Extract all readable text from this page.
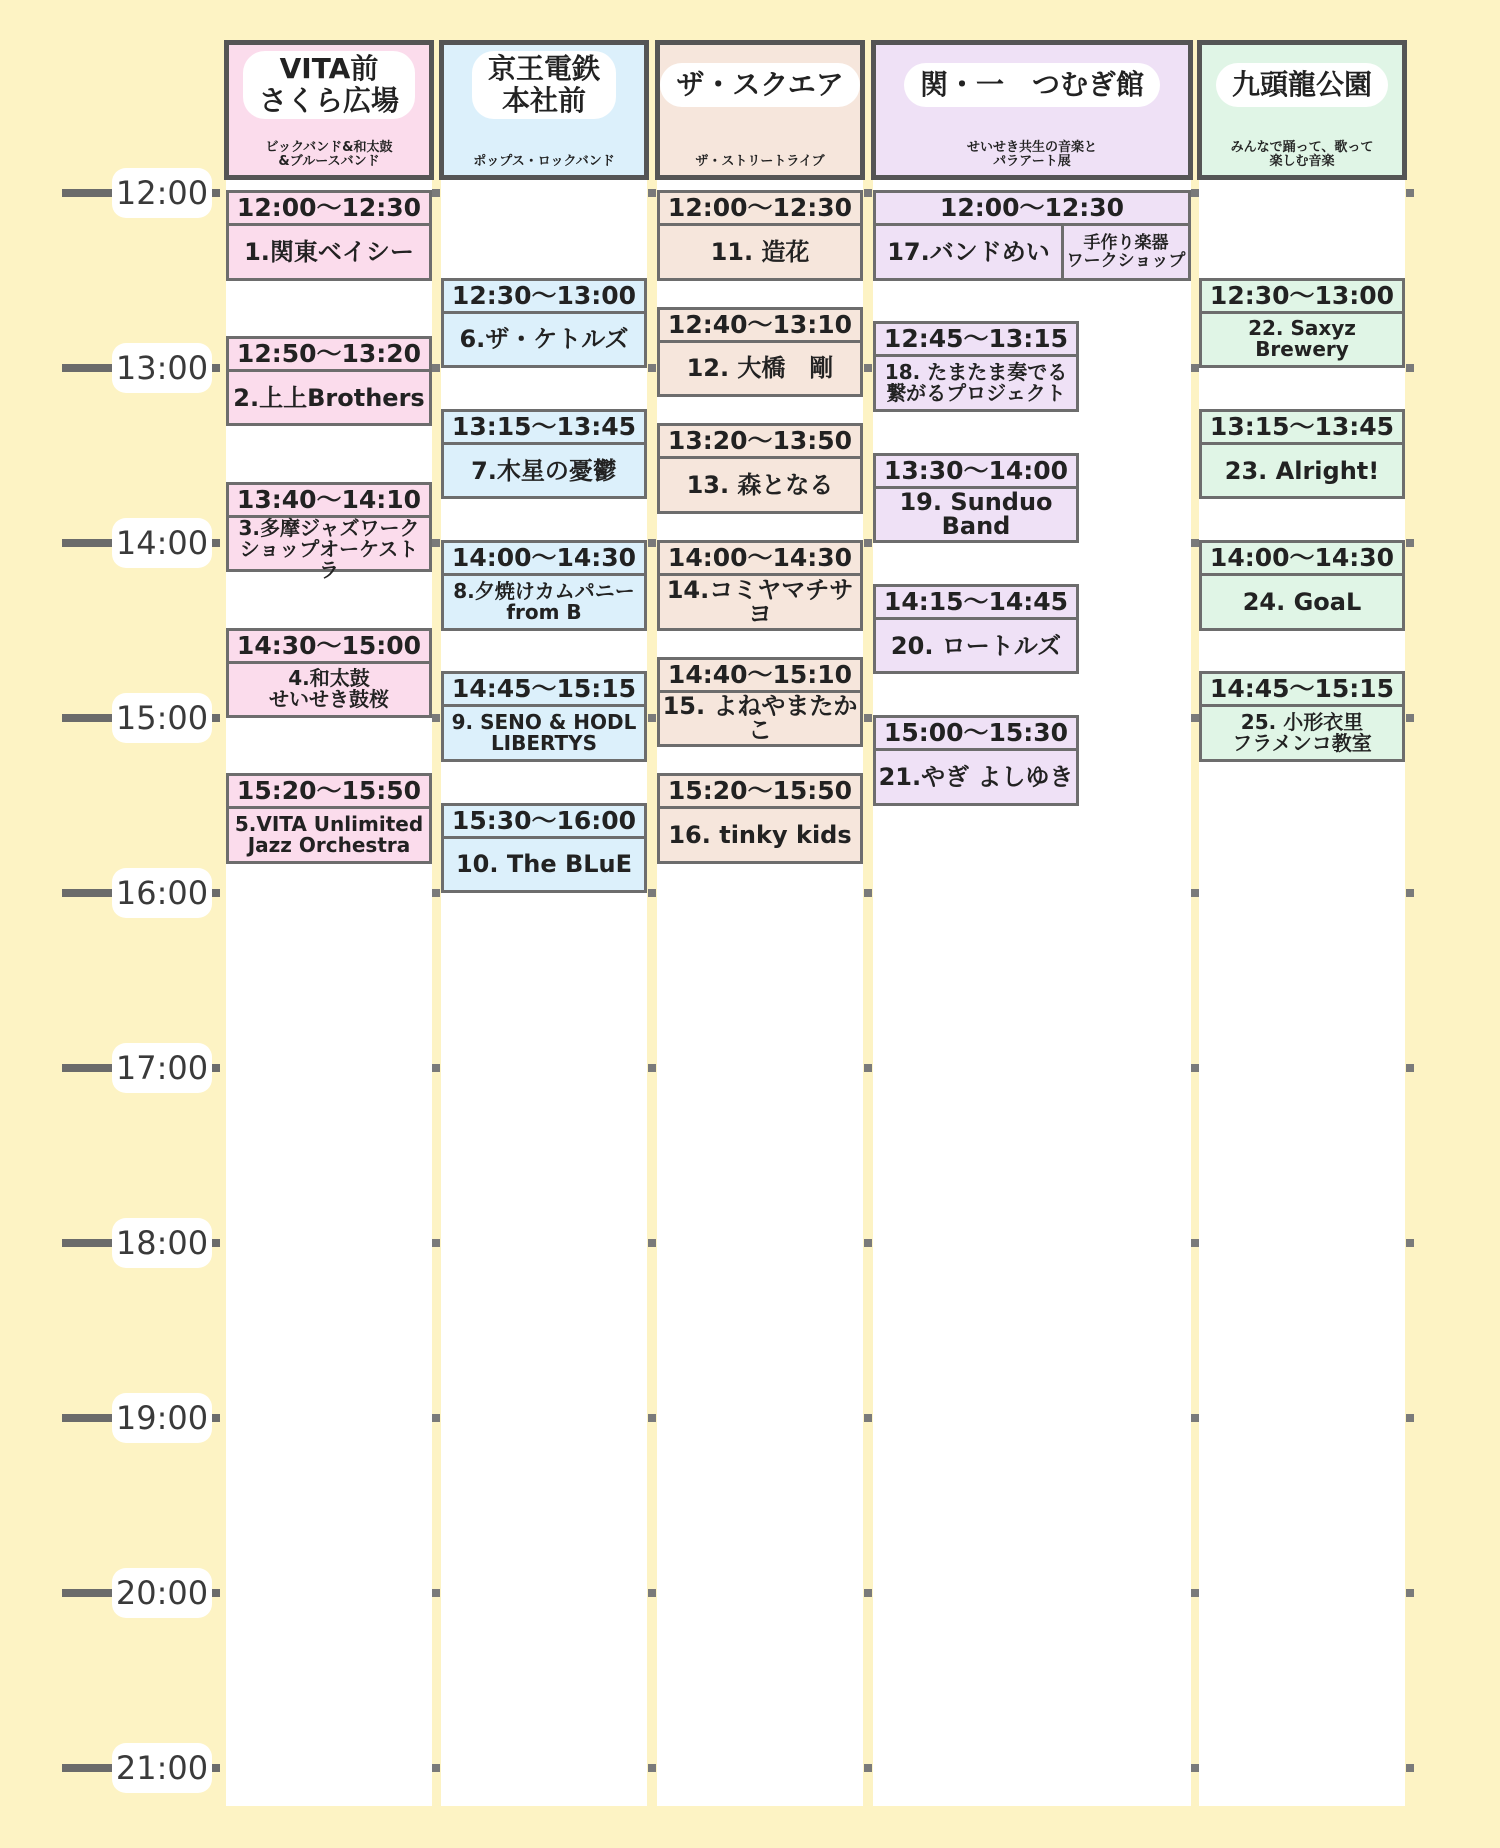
12:00
13:00
14:00
15:00
16:00
17:00
18:00
19:00
20:00
21:00
VITA前
さくら広場
ビックバンド&和太鼓
&ブルースバンド
12:00〜12:30
1.関東ベイシー
12:50〜13:20
2.上上Brothers
13:40〜14:10
3.多摩ジャズワーク
ショップオーケストラ
14:30〜15:00
4.和太鼓
せいせき鼓桜
15:20〜15:50
5.VITA Unlimited
Jazz Orchestra
京王電鉄
本社前
ポップス・ロックバンド
12:30〜13:00
6.ザ・ケトルズ
13:15〜13:45
7.木星の憂鬱
14:00〜14:30
8.夕焼けカムパニー
from B
14:45〜15:15
9. SENO & HODL
LIBERTYS
15:30〜16:00
10. The BLuE
ザ・スクエア
ザ・ストリートライブ
12:00〜12:30
11. 造花
12:40〜13:10
12. 大橋　剛
13:20〜13:50
13. 森となる
14:00〜14:30
14.コミヤマチサヨ
14:40〜15:10
15. よねやまたかこ
15:20〜15:50
16. tinky kids
関・一　つむぎ館
せいせき共生の音楽と
パラアート展
12:00〜12:30
17.バンドめい	手作り楽器
ワークショップ
12:45〜13:15
18. たまたま奏でる
繋がるプロジェクト
13:30〜14:00
19. Sunduo Band
14:15〜14:45
20. ロートルズ
15:00〜15:30
21.やぎ よしゆき
九頭龍公園
みんなで踊って、歌って
楽しむ音楽
12:30〜13:00
22. Saxyz
Brewery
13:15〜13:45
23. Alright!
14:00〜14:30
24. GoaL
14:45〜15:15
25. 小形衣里
フラメンコ教室
